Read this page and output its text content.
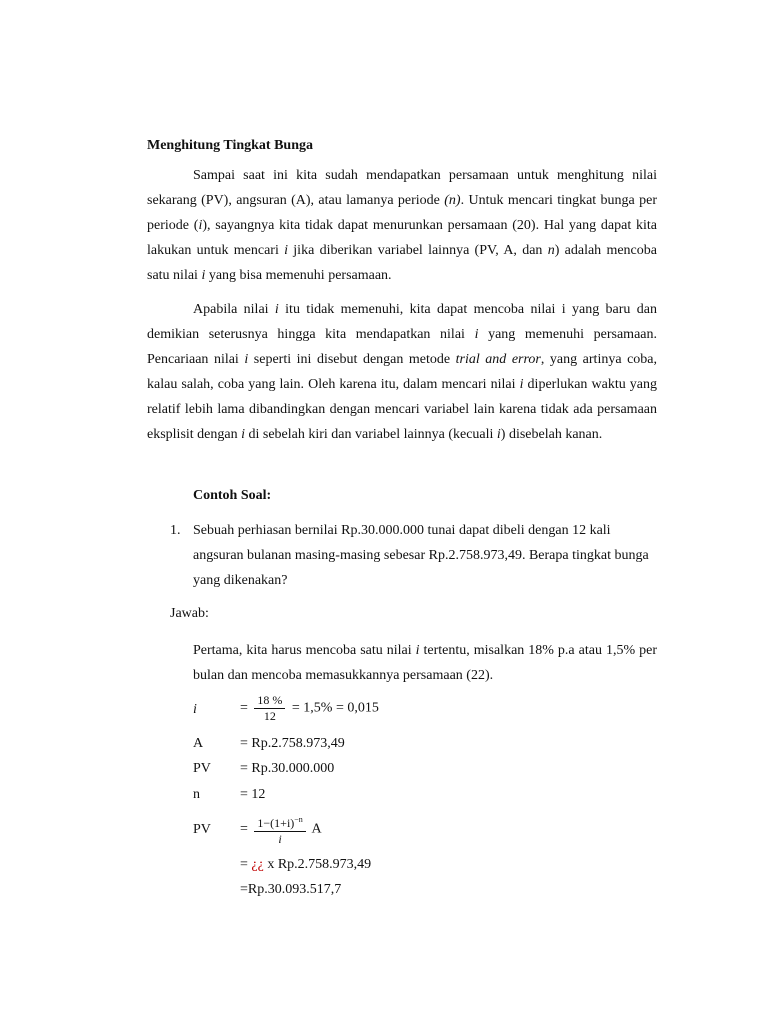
Menghitung Tingkat Bunga

Sampai saat ini kita sudah mendapatkan persamaan untuk menghitung nilai sekarang (PV), angsuran (A), atau lamanya periode (n). Untuk mencari tingkat bunga per periode (i), sayangnya kita tidak dapat menurunkan persamaan (20). Hal yang dapat kita lakukan untuk mencari i jika diberikan variabel lainnya (PV, A, dan n) adalah mencoba satu nilai i yang bisa memenuhi persamaan.

Apabila nilai i itu tidak memenuhi, kita dapat mencoba nilai i yang baru dan demikian seterusnya hingga kita mendapatkan nilai i yang memenuhi persamaan. Pencariaan nilai i seperti ini disebut dengan metode trial and error, yang artinya coba, kalau salah, coba yang lain. Oleh karena itu, dalam mencari nilai i diperlukan waktu yang relatif lebih lama dibandingkan dengan mencari variabel lain karena tidak ada persamaan eksplisit dengan i di sebelah kiri dan variabel lainnya (kecuali i) disebelah kanan.

Contoh Soal:
1. Sebuah perhiasan bernilai Rp.30.000.000 tunai dapat dibeli dengan 12 kali angsuran bulanan masing-masing sebesar Rp.2.758.973,49. Berapa tingkat bunga yang dikenakan?

Jawab:

Pertama, kita harus mencoba satu nilai i tertentu, misalkan 18% p.a atau 1,5% per bulan dan mencoba memasukkannya persamaan (22).

i	= $\frac{18 \%}{12} = 1,5\% = 0,015$
A	= Rp.2.758.973,49
PV = Rp.30.000.000
n	= 12
PV = $\frac{1-(1+i)^{-n}}{i}$ A
= ¿¿ x Rp.2.758.973,49
=Rp.30.093.517,7
